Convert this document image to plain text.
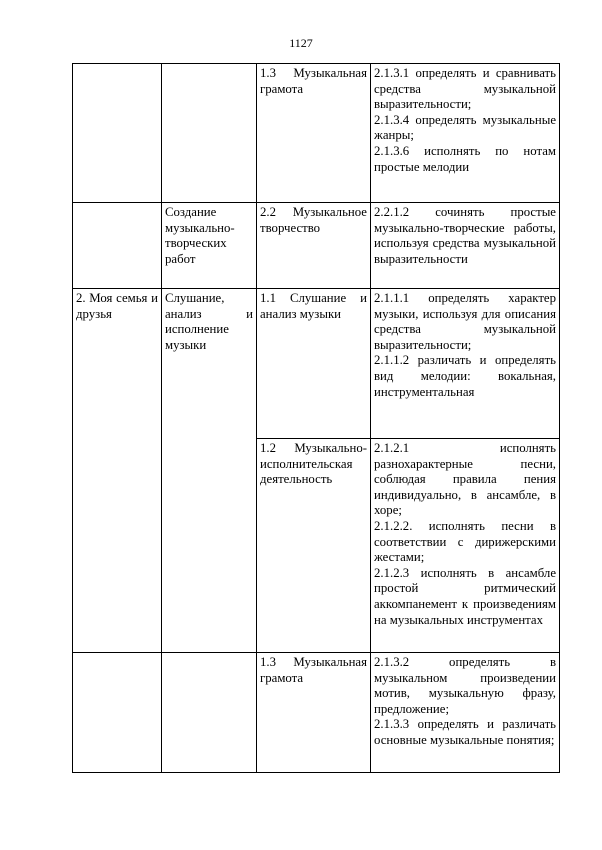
1127
		1.3 Музыкальная грамота	2.1.3.1 определять и сравнивать средства музыкальной выразительности;
2.1.3.4 определять музыкальные жанры;
2.1.3.6 исполнять по нотам простые мелодии

	Создание музыкально-творческих работ	2.2 Музыкальное творчество	2.2.1.2 сочинять простые музыкально-творческие работы, используя средства музыкальной выразительности

2. Моя семья и друзья	Слушание, анализ и исполнение музыки	1.1 Слушание и анализ музыки	2.1.1.1 определять характер музыки, используя для описания средства музыкальной выразительности;
2.1.1.2 различать и определять вид мелодии: вокальная, инструментальная

		1.2 Музыкально-исполнительская деятельность	2.1.2.1 исполнять разнохарактерные песни, соблюдая правила пения индивидуально, в ансамбле, в хоре;
2.1.2.2. исполнять песни в соответствии с дирижерскими жестами;
2.1.2.3 исполнять в ансамбле простой ритмический аккомпанемент к произведениям на музыкальных инструментах

		1.3 Музыкальная грамота	2.1.3.2 определять в музыкальном произведении мотив, музыкальную фразу, предложение;
2.1.3.3 определять и различать основные музыкальные понятия;
